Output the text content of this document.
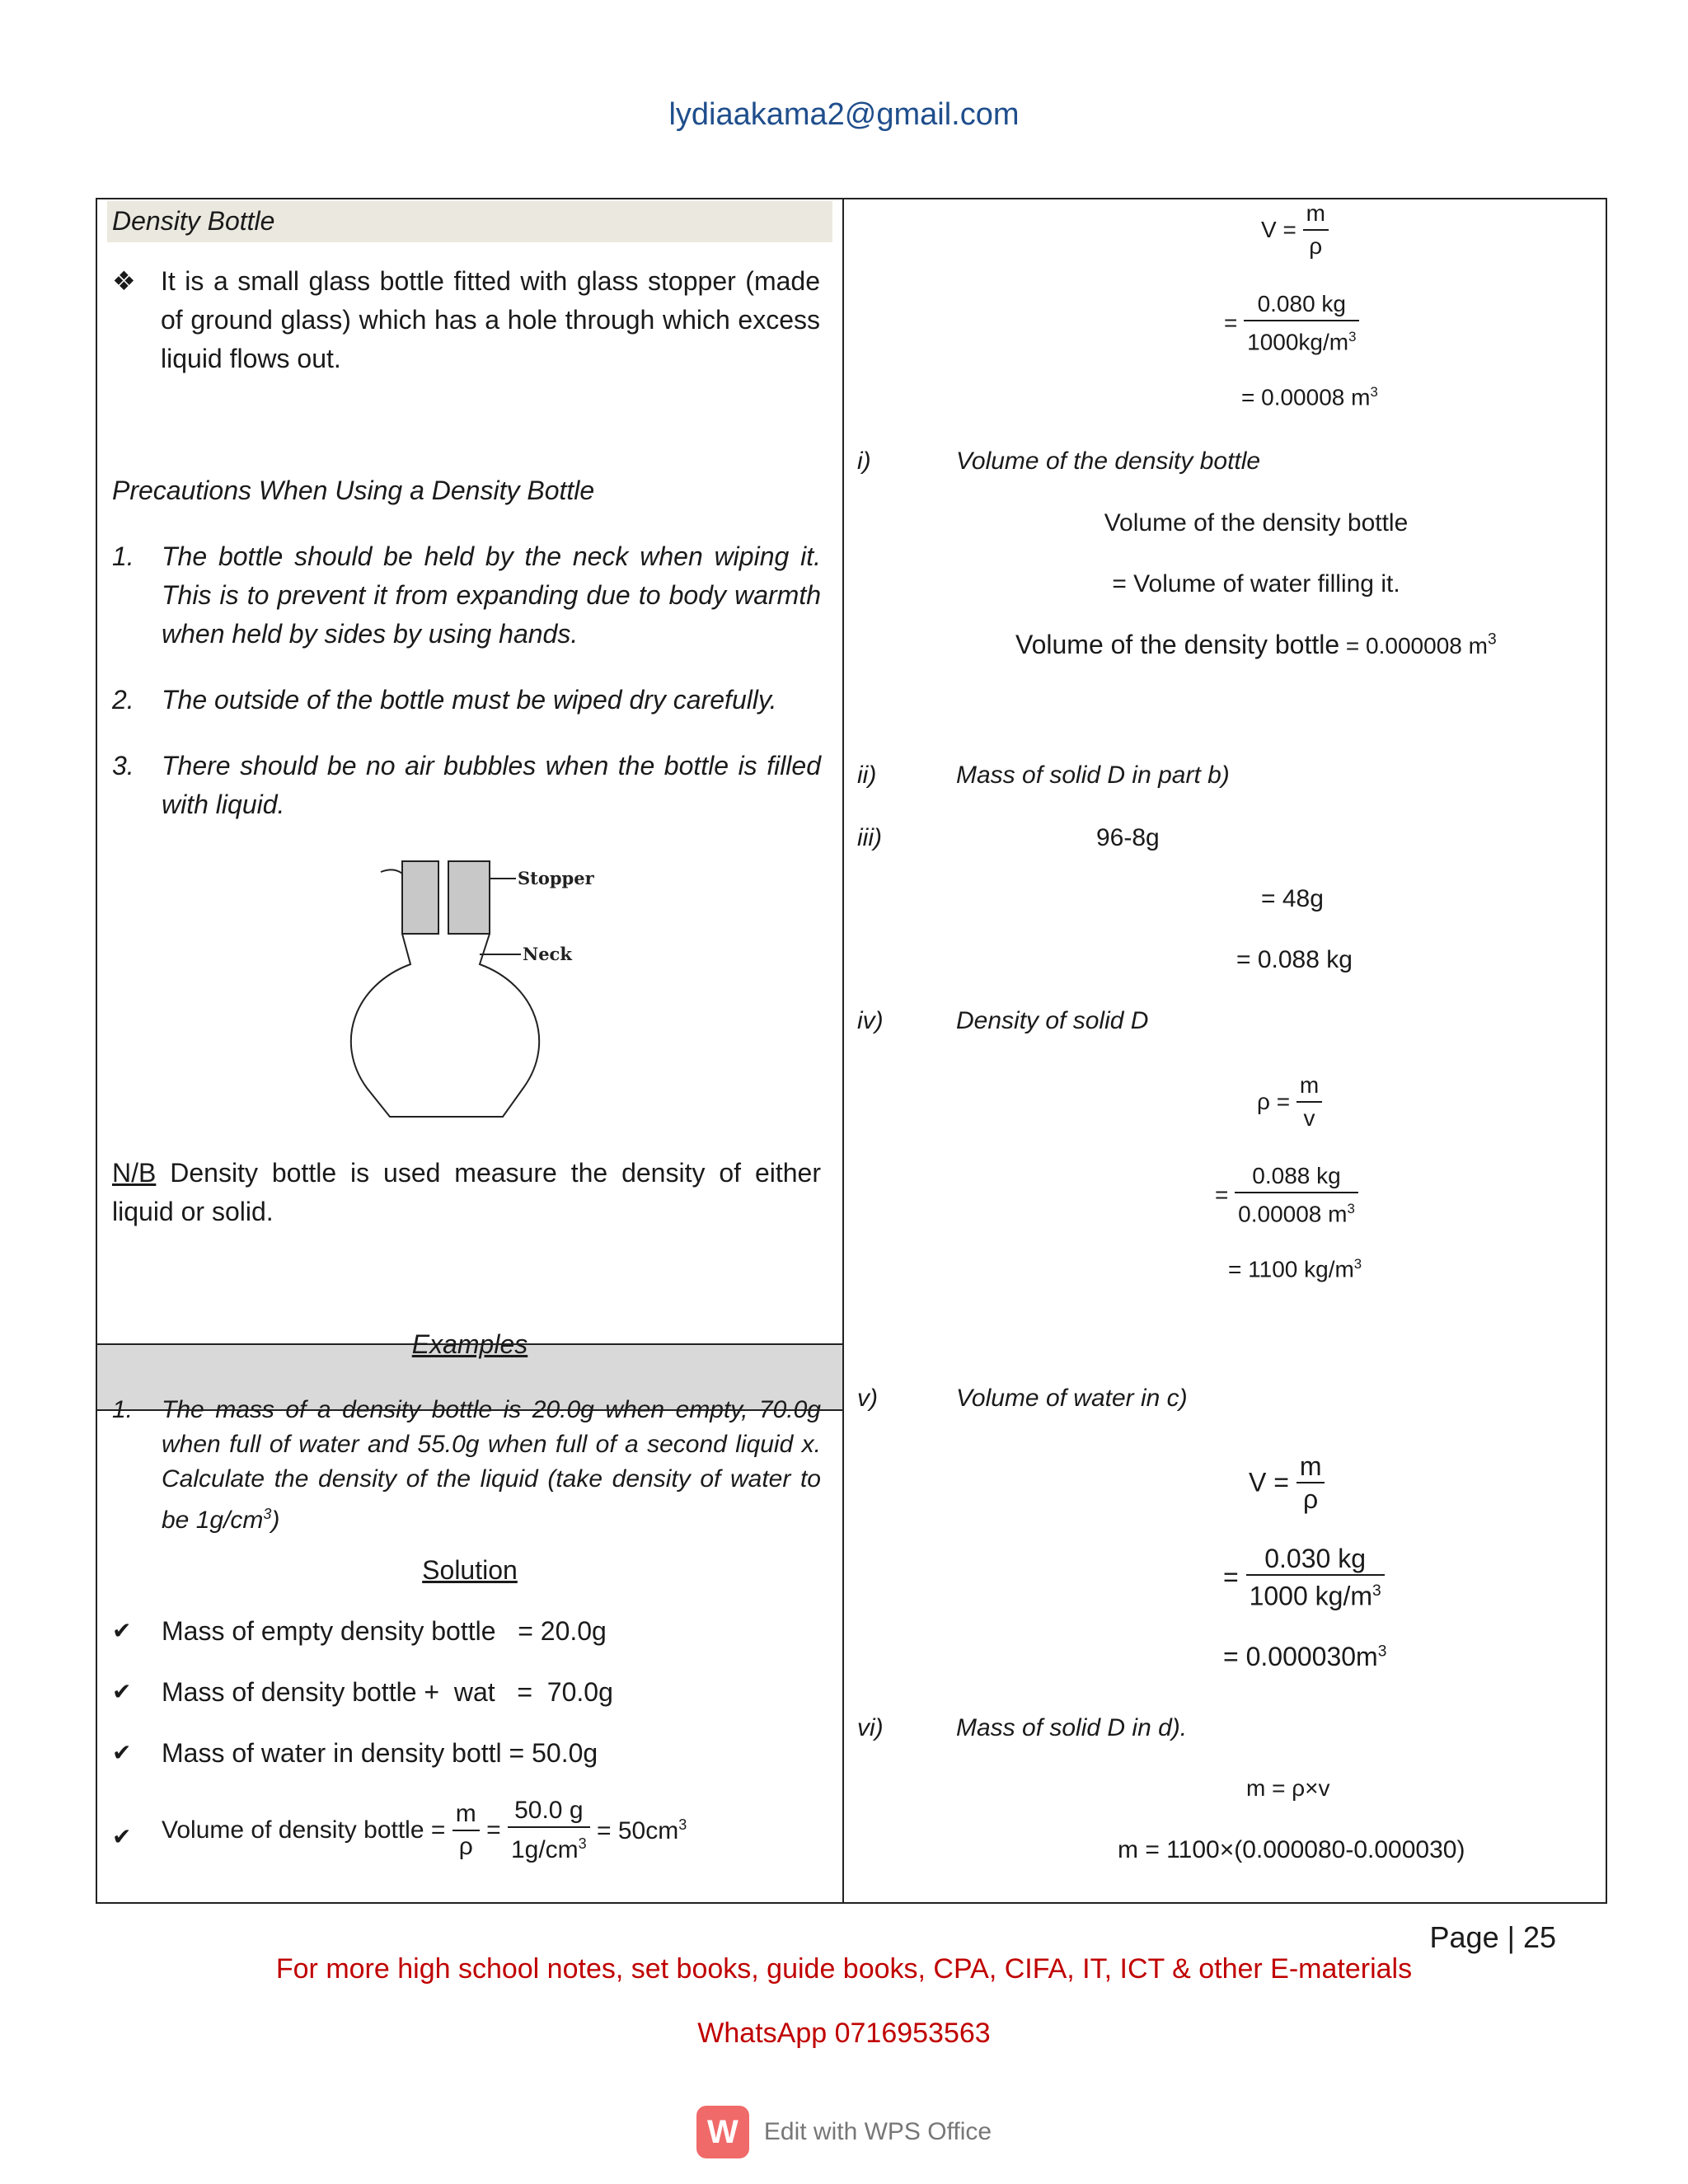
lydiaakama2@gmail.com
Density Bottle
❖ It is a small glass bottle fitted with glass stopper (made of ground glass) which has a hole through which excess liquid flows out.
Precautions When Using a Density Bottle
1. The bottle should be held by the neck when wiping it. This is to prevent it from expanding due to body warmth when held by sides by using hands.
2. The outside of the bottle must be wiped dry carefully.
3. There should be no air bubbles when the bottle is filled with liquid.
Stopper
Neck
N/B Density bottle is used measure the density of either liquid or solid.
Examples
1. The mass of a density bottle is 20.0g when empty, 70.0g when full of water and 55.0g when full of a second liquid x. Calculate the density of the liquid (take density of water to be $1g/cm^3$)
Solution
✔ Mass of empty density bottle   = 20.0g
✔ Mass of density bottle +  wat   =  70.0g
✔ Mass of water in density bottl = 50.0g
✔ Volume of density bottle = $\frac{m}{\rho} = \frac{50.0 g}{1g/cm^3} = 50cm^3$
$V = \frac{m}{\rho}$
= $\frac{0.080 kg}{1000kg/m^3}$
= 0.00008 $m^3$
i)	Volume of the density bottle
Volume of the density bottle
= Volume of water filling it.
Volume of the density bottle = 0.000008 $m^3$
ii)	Mass of solid D in part b)
iii)	96-8g
= 48g
= 0.088 kg
iv)	Density of solid D
$\rho = \frac{m}{v}$
= $\frac{0.088 kg}{0.00008 m^3}$
= 1100 $kg/m^3$
v)	Volume of water in c)
$V = \frac{m}{\rho}$
= $\frac{0.030 kg}{1000 kg/m^3}$
= $0.000030m^3$
vi)	Mass of solid D in d).
m = ρ×v
m = 1100×(0.000080-0.000030)
Page | 25
For more high school notes, set books, guide books, CPA, CIFA, IT, ICT & other E-materials
WhatsApp 0716953563
W Edit with WPS Office
